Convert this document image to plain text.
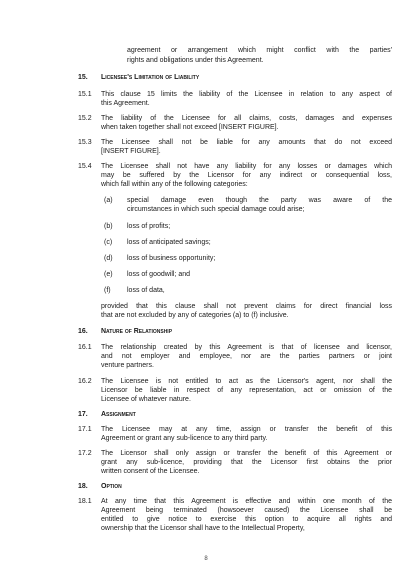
agreement or arrangement which might conflict with the parties'
rights and obligations under this Agreement.
15. Licensee's Limitation of Liability
15.1 This clause 15 limits the liability of the Licensee in relation to any aspect of
this Agreement.
15.2 The liability of the Licensee for all claims, costs, damages and expenses
when taken together shall not exceed [INSERT FIGURE].
15.3 The Licensee shall not be liable for any amounts that do not exceed
[INSERT FIGURE].
15.4 The Licensee shall not have any liability for any losses or damages which
may be suffered by the Licensor for any indirect or consequential loss,
which fall within any of the following categories:
(a) special damage even though the party was aware of the
circumstances in which such special damage could arise;
(b) loss of profits;
(c) loss of anticipated savings;
(d) loss of business opportunity;
(e) loss of goodwill; and
(f) loss of data,
provided that this clause shall not prevent claims for direct financial loss
that are not excluded by any of categories (a) to (f) inclusive.
16. Nature of Relationship
16.1 The relationship created by this Agreement is that of licensee and licensor,
and not employer and employee, nor are the parties partners or joint
venture partners.
16.2 The Licensee is not entitled to act as the Licensor's agent, nor shall the
Licensor be liable in respect of any representation, act or omission of the
Licensee of whatever nature.
17. Assignment
17.1 The Licensee may at any time, assign or transfer the benefit of this
Agreement or grant any sub-licence to any third party.
17.2 The Licensor shall only assign or transfer the benefit of this Agreement or
grant any sub-licence, providing that the Licensor first obtains the prior
written consent of the Licensee.
18. Option
18.1 At any time that this Agreement is effective and within one month of the
Agreement being terminated (howsoever caused) the Licensee shall be
entitled to give notice to exercise this option to acquire all rights and
ownership that the Licensor shall have to the Intellectual Property,
8
